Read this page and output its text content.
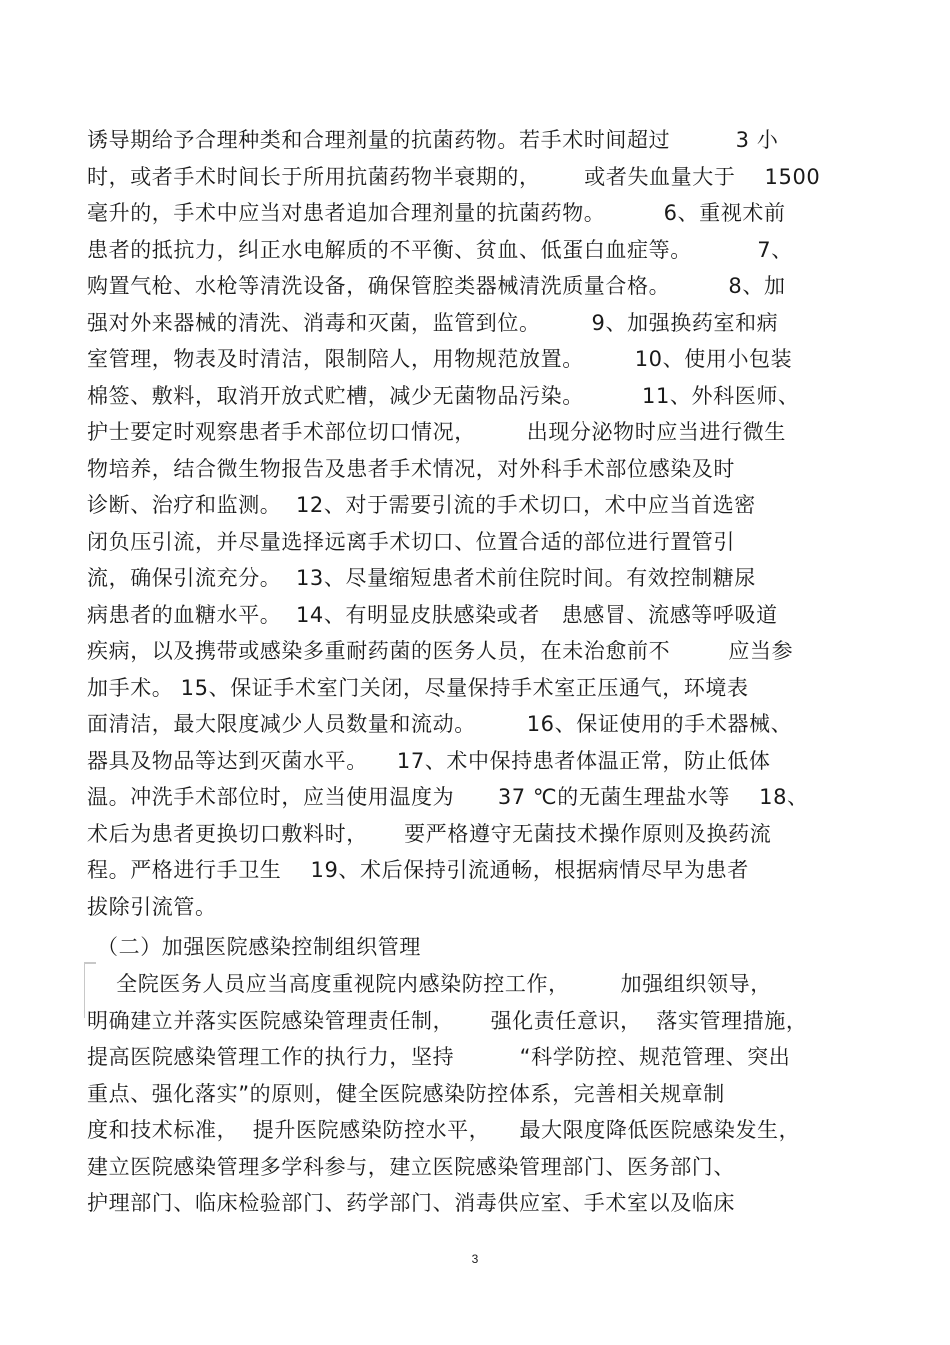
诱导期给予合理种类和合理剂量的抗菌药物。若手术时间超过         3 小
时，或者手术时间长于所用抗菌药物半衰期的，      或者失血量大于    1500
毫升的，手术中应当对患者追加合理剂量的抗菌药物。        6、重视术前
患者的抵抗力，纠正水电解质的不平衡、贫血、低蛋白血症等。         7、
购置气枪、水枪等清洗设备，确保管腔类器械清洗质量合格。        8、加
强对外来器械的清洗、消毒和灭菌，监管到位。       9、加强换药室和病
室管理，物表及时清洁，限制陪人，用物规范放置。       10、使用小包装
棉签、敷料，取消开放式贮槽，减少无菌物品污染。        11、外科医师、
护士要定时观察患者手术部位切口情况，       出现分泌物时应当进行微生
物培养，结合微生物报告及患者手术情况，对外科手术部位感染及时
诊断、治疗和监测。  12、对于需要引流的手术切口，术中应当首选密
闭负压引流，并尽量选择远离手术切口、位置合适的部位进行置管引
流，确保引流充分。  13、尽量缩短患者术前住院时间。有效控制糖尿
病患者的血糖水平。  14、有明显皮肤感染或者   患感冒、流感等呼吸道
疾病，以及携带或感染多重耐药菌的医务人员，在未治愈前不        应当参
加手术。 15、保证手术室门关闭，尽量保持手术室正压通气，环境表
面清洁，最大限度减少人员数量和流动。       16、保证使用的手术器械、
器具及物品等达到灭菌水平。    17、术中保持患者体温正常，防止低体
温。冲洗手术部位时，应当使用温度为      37 ℃的无菌生理盐水等    18、
术后为患者更换切口敷料时，     要严格遵守无菌技术操作原则及换药流
程。严格进行手卫生    19、术后保持引流通畅，根据病情尽早为患者
拔除引流管。
（二）加强医院感染控制组织管理
全院医务人员应当高度重视院内感染防控工作，       加强组织领导，
明确建立并落实医院感染管理责任制，     强化责任意识，  落实管理措施，
提高医院感染管理工作的执行力，坚持         “科学防控、规范管理、突出
重点、强化落实”的原则，健全医院感染防控体系，完善相关规章制
度和技术标准，  提升医院感染防控水平，    最大限度降低医院感染发生，
建立医院感染管理多学科参与，建立医院感染管理部门、医务部门、
护理部门、临床检验部门、药学部门、消毒供应室、手术室以及临床
3
